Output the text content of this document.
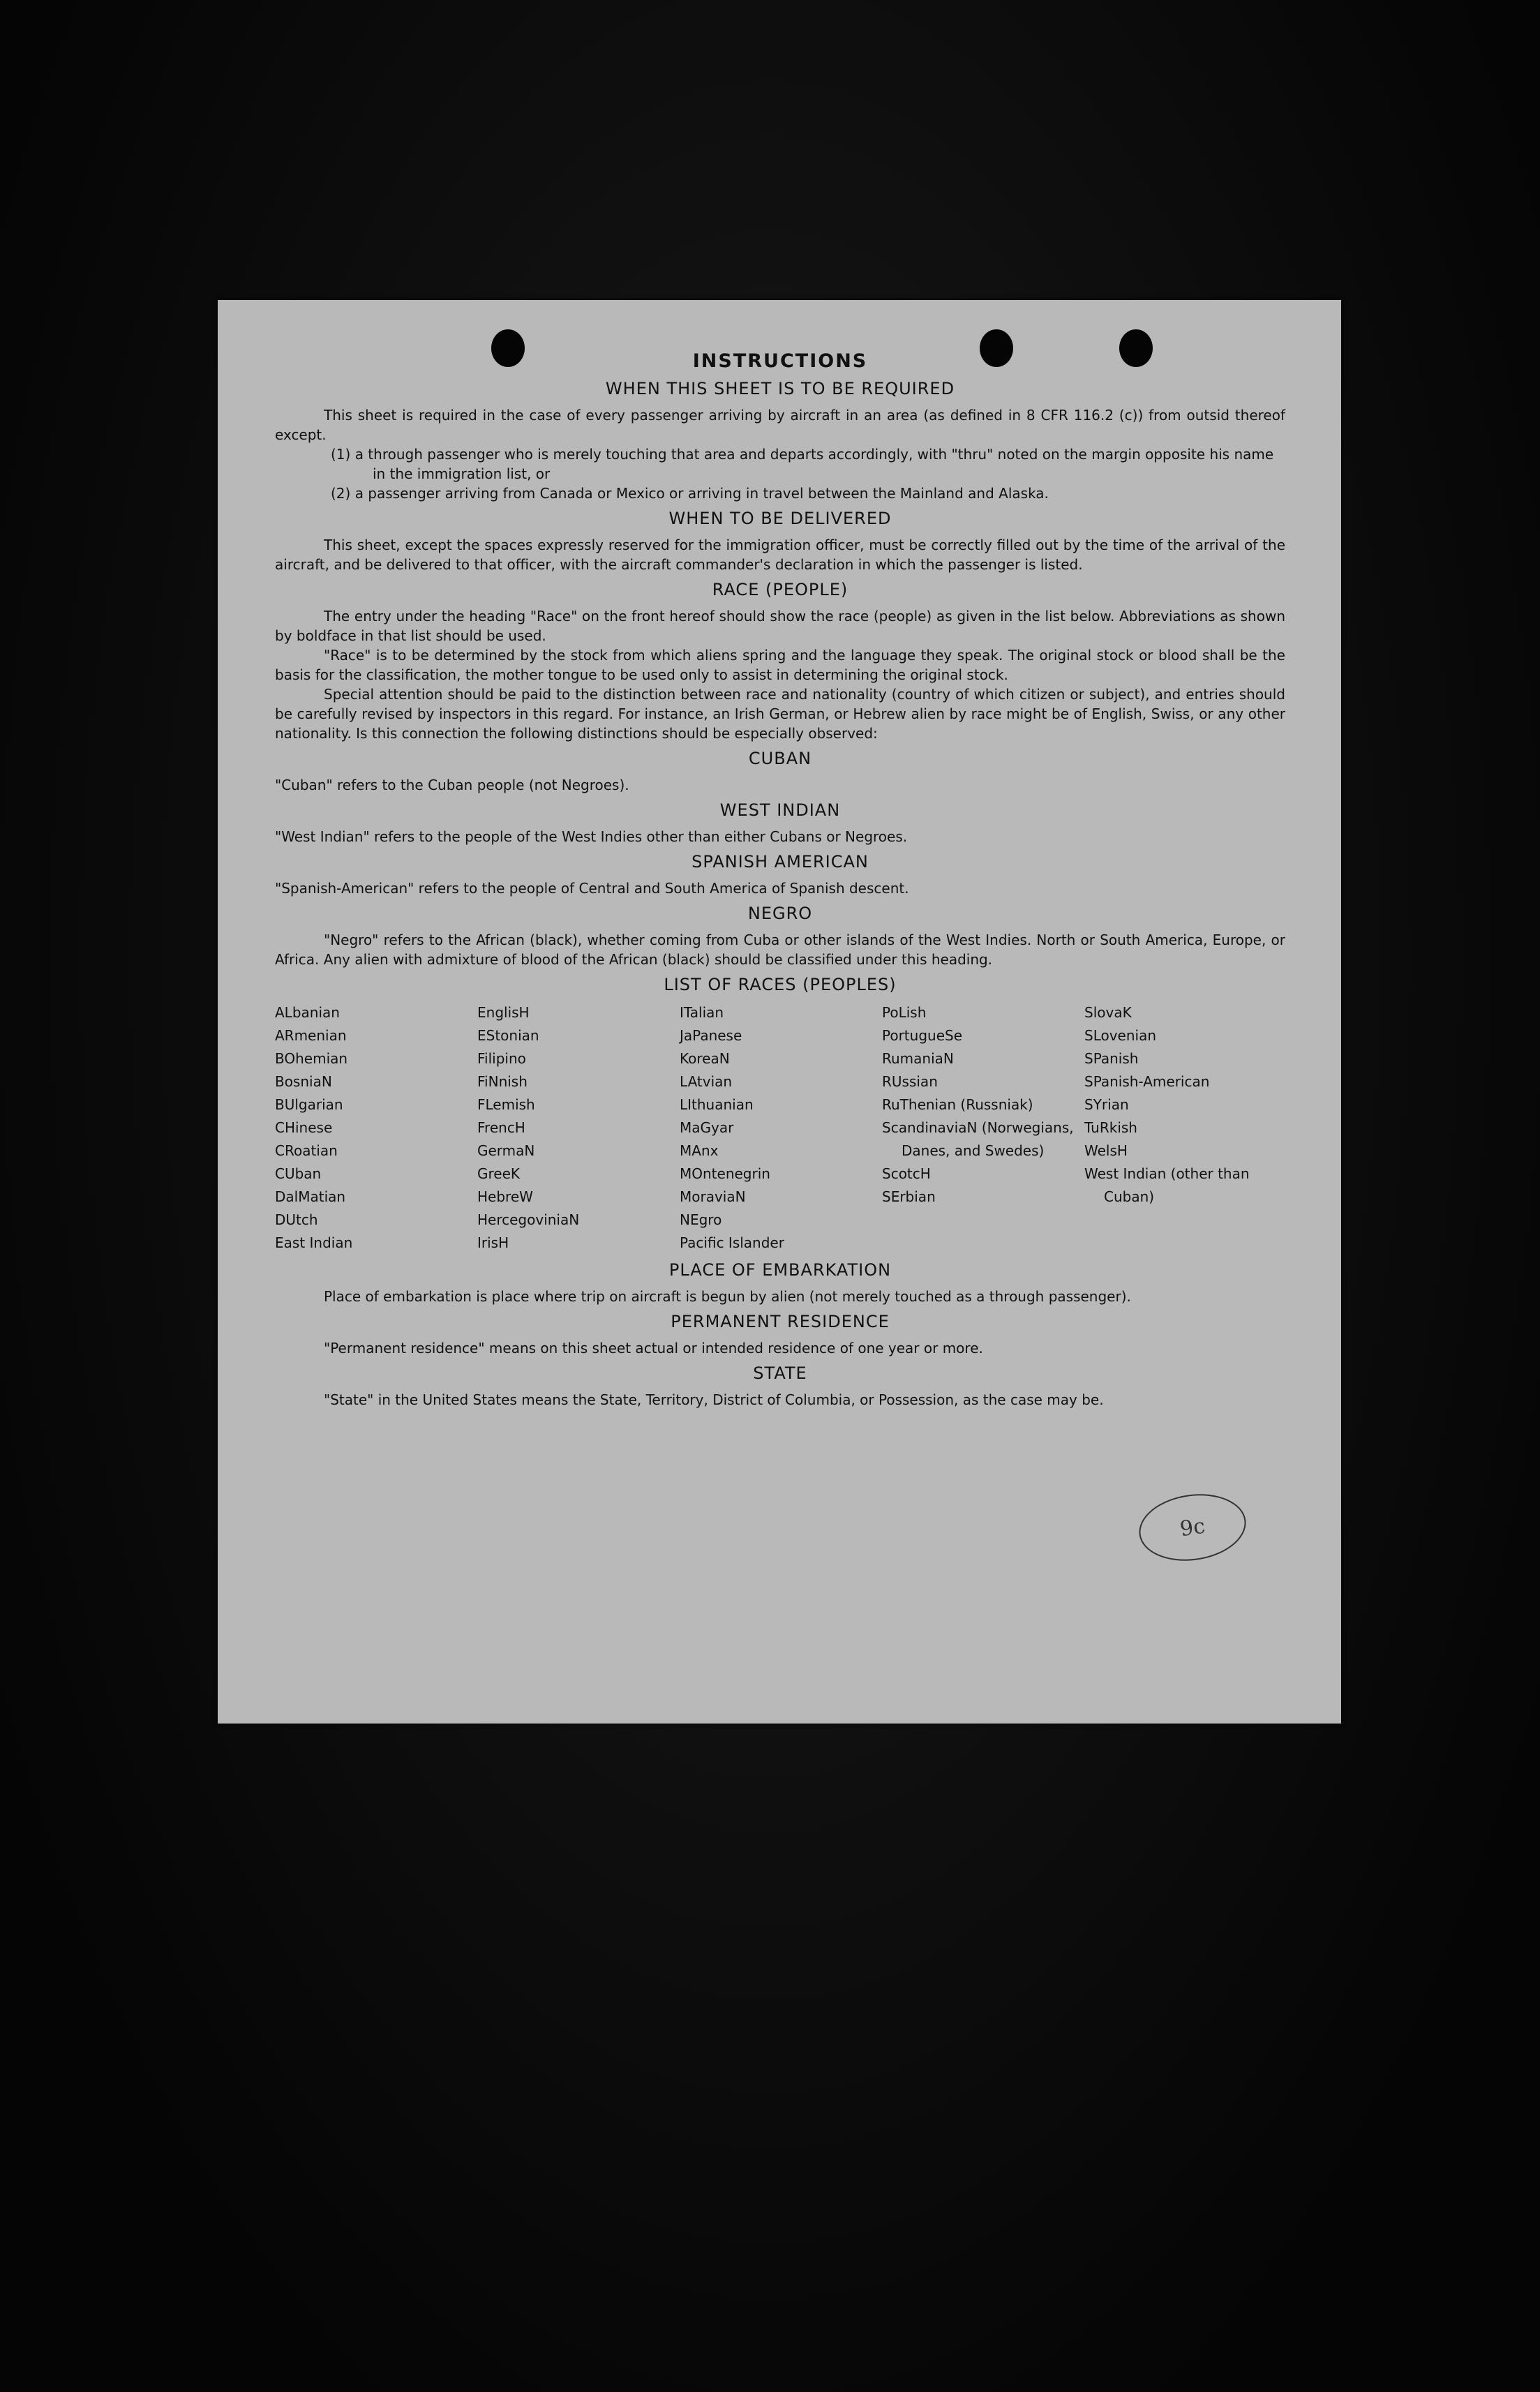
INSTRUCTIONS
WHEN THIS SHEET IS TO BE REQUIRED

This sheet is required in the case of every passenger arriving by aircraft in an area (as defined in 8 CFR 116.2 (c)) from outsid thereof except.

(1) a through passenger who is merely touching that area and departs accordingly, with "thru" noted on the margin opposite his name in the immigration list, or
(2) a passenger arriving from Canada or Mexico or arriving in travel between the Mainland and Alaska.
WHEN TO BE DELIVERED

This sheet, except the spaces expressly reserved for the immigration officer, must be correctly filled out by the time of the arrival of the aircraft, and be delivered to that officer, with the aircraft commander's declaration in which the passenger is listed.

RACE (PEOPLE)

The entry under the heading "Race" on the front hereof should show the race (people) as given in the list below. Abbreviations as shown by boldface in that list should be used.

"Race" is to be determined by the stock from which aliens spring and the language they speak. The original stock or blood shall be the basis for the classification, the mother tongue to be used only to assist in determining the original stock.

Special attention should be paid to the distinction between race and nationality (country of which citizen or subject), and entries should be carefully revised by inspectors in this regard. For instance, an Irish German, or Hebrew alien by race might be of English, Swiss, or any other nationality. Is this connection the following distinctions should be especially observed:

CUBAN

"Cuban" refers to the Cuban people (not Negroes).

WEST INDIAN

"West Indian" refers to the people of the West Indies other than either Cubans or Negroes.

SPANISH AMERICAN

"Spanish-American" refers to the people of Central and South America of Spanish descent.

NEGRO

"Negro" refers to the African (black), whether coming from Cuba or other islands of the West Indies. North or South America, Europe, or Africa. Any alien with admixture of blood of the African (black) should be classified under this heading.

LIST OF RACES (PEOPLES)
ALbanian
ARmenian
BOhemian
BosniaN
BUlgarian
CHinese
CRoatian
CUban
DalMatian
DUtch
East Indian
EnglisH
EStonian
Filipino
FiNnish
FLemish
FrencH
GermaN
GreeK
HebreW
HercegoviniaN
IrisH
ITalian
JaPanese
KoreaN
LAtvian
LIthuanian
MaGyar
MAnx
MOntenegrin
MoraviaN
NEgro
Pacific Islander
PoLish
PortugueSe
RumaniaN
RUssian
RuThenian (Russniak)
ScandinaviaN (Norwegians, Danes, and Swedes)
ScotcH
SErbian
SlovaK
SLovenian
SPanish
SPanish-American
SYrian
TuRkish
WelsH
West Indian (other than Cuban)
PLACE OF EMBARKATION

Place of embarkation is place where trip on aircraft is begun by alien (not merely touched as a through passenger).

PERMANENT RESIDENCE

"Permanent residence" means on this sheet actual or intended residence of one year or more.

STATE

"State" in the United States means the State, Territory, District of Columbia, or Possession, as the case may be.

9c
